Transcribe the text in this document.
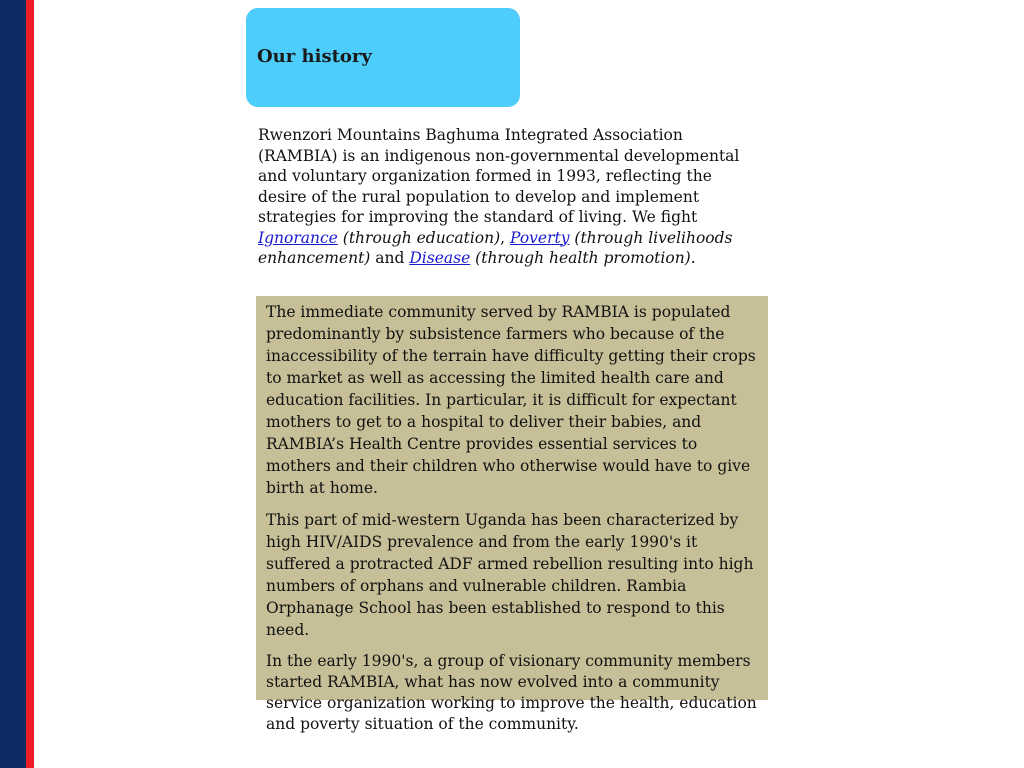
Our history

Rwenzori Mountains Baghuma Integrated Association (RAMBIA) is an indigenous non-governmental developmental and voluntary organization formed in 1993, reflecting the desire of the rural population to develop and implement strategies for improving the standard of living. We fight Ignorance (through education), Poverty (through livelihoods enhancement) and Disease (through health promotion).

The immediate community served by RAMBIA is populated predominantly by subsistence farmers who because of the inaccessibility of the terrain have difficulty getting their crops to market as well as accessing the limited health care and education facilities. In particular, it is difficult for expectant mothers to get to a hospital to deliver their babies, and RAMBIA’s Health Centre provides essential services to mothers and their children who otherwise would have to give birth at home.

This part of mid-western Uganda has been characterized by high HIV/AIDS prevalence and from the early 1990's it suffered a protracted ADF armed rebellion resulting into high numbers of orphans and vulnerable children. Rambia Orphanage School has been established to respond to this need.

In the early 1990's, a group of visionary community members started RAMBIA, what has now evolved into a community service organization working to improve the health, education and poverty situation of the community.
